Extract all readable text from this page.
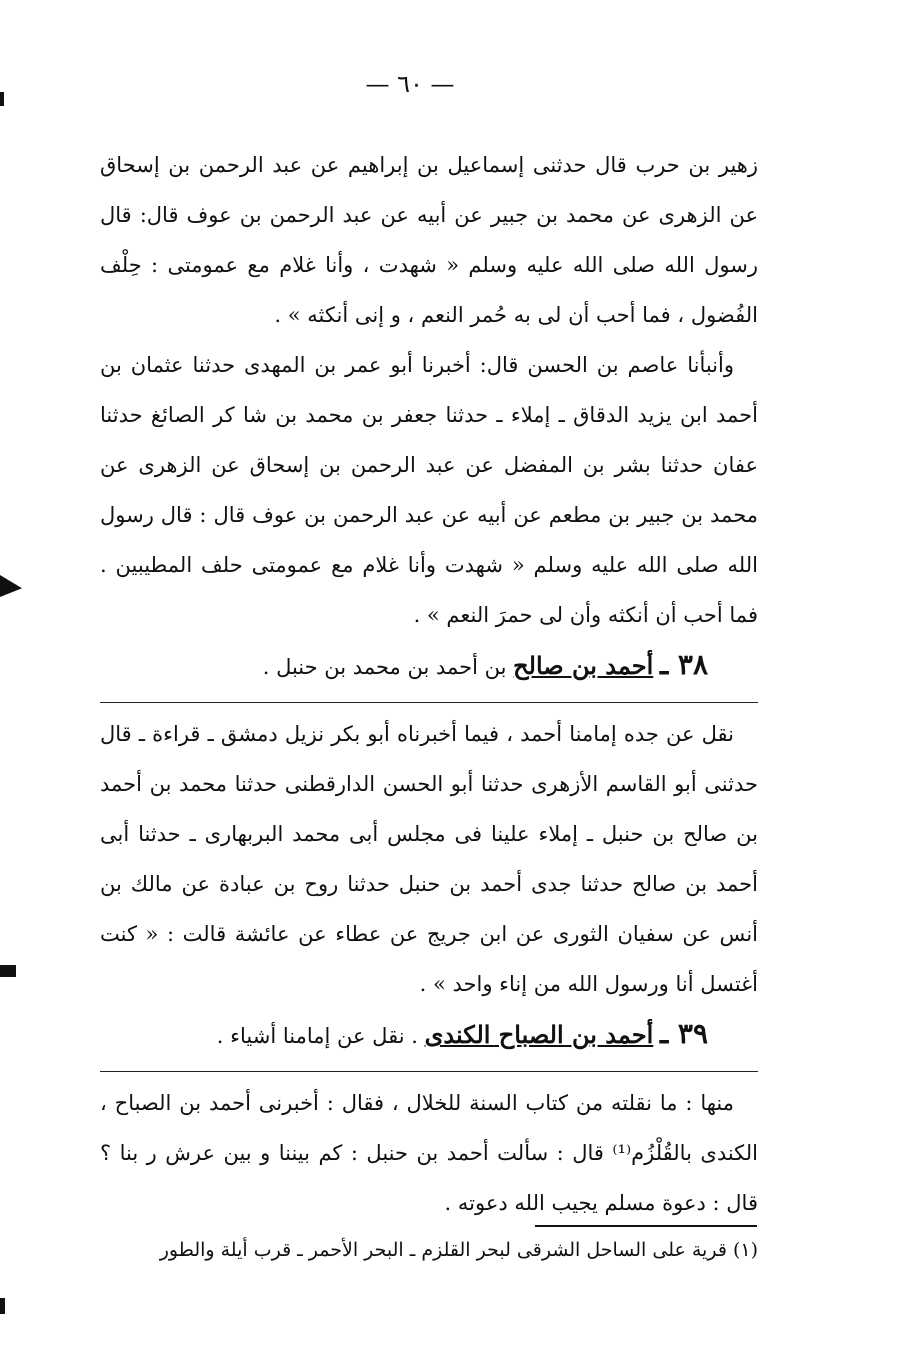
— ٦٠ —

زهير بن حرب قال حدثنى إسماعيل بن إبراهيم عن عبد الرحمن بن إسحاق عن الزهرى عن محمد بن جبير عن أبيه عن عبد الرحمن بن عوف قال: قال رسول الله صلى الله عليه وسلم « شهدت ، وأنا غلام مع عمومتى : حِلْف الفُضول ، فما أحب أن لى به حُمر النعم ، و إنى أنكثه » .

وأنبأنا عاصم بن الحسن قال: أخبرنا أبو عمر بن المهدى حدثنا عثمان بن أحمد ابن يزيد الدقاق ـ إملاء ـ حدثنا جعفر بن محمد بن شا كر الصائغ حدثنا عفان حدثنا بشر بن المفضل عن عبد الرحمن بن إسحاق عن الزهرى عن محمد بن جبير بن مطعم عن أبيه عن عبد الرحمن بن عوف قال : قال رسول الله صلى الله عليه وسلم « شهدت وأنا غلام مع عمومتى حلف المطيبين . فما أحب أن أنكثه وأن لى حمرَ النعم » .

٣٨ ـ أحمد بن صالح بن أحمد بن محمد بن حنبل .

نقل عن جده إمامنا أحمد ، فيما أخبرناه أبو بكر نزيل دمشق ـ قراءة ـ قال حدثنى أبو القاسم الأزهرى حدثنا أبو الحسن الدارقطنى حدثنا محمد بن أحمد بن صالح بن حنبل ـ إملاء علينا فى مجلس أبى محمد البربهارى ـ حدثنا أبى أحمد بن صالح حدثنا جدى أحمد بن حنبل حدثنا روح بن عبادة عن مالك بن أنس عن سفيان الثورى عن ابن جريج عن عطاء عن عائشة قالت : « كنت أغتسل أنا ورسول الله من إناء واحد » .

٣٩ ـ أحمد بن الصباح الكندى . نقل عن إمامنا أشياء .

منها : ما نقلته من كتاب السنة للخلال ، فقال : أخبرنى أحمد بن الصباح ، الكندى بالقُلْزُم⁽¹⁾ قال : سألت أحمد بن حنبل : كم بيننا و بين عرش ر بنا ؟ قال : دعوة مسلم يجيب الله دعوته .

(١) قرية على الساحل الشرقى لبحر القلزم ـ البحر الأحمر ـ قرب أيلة والطور
